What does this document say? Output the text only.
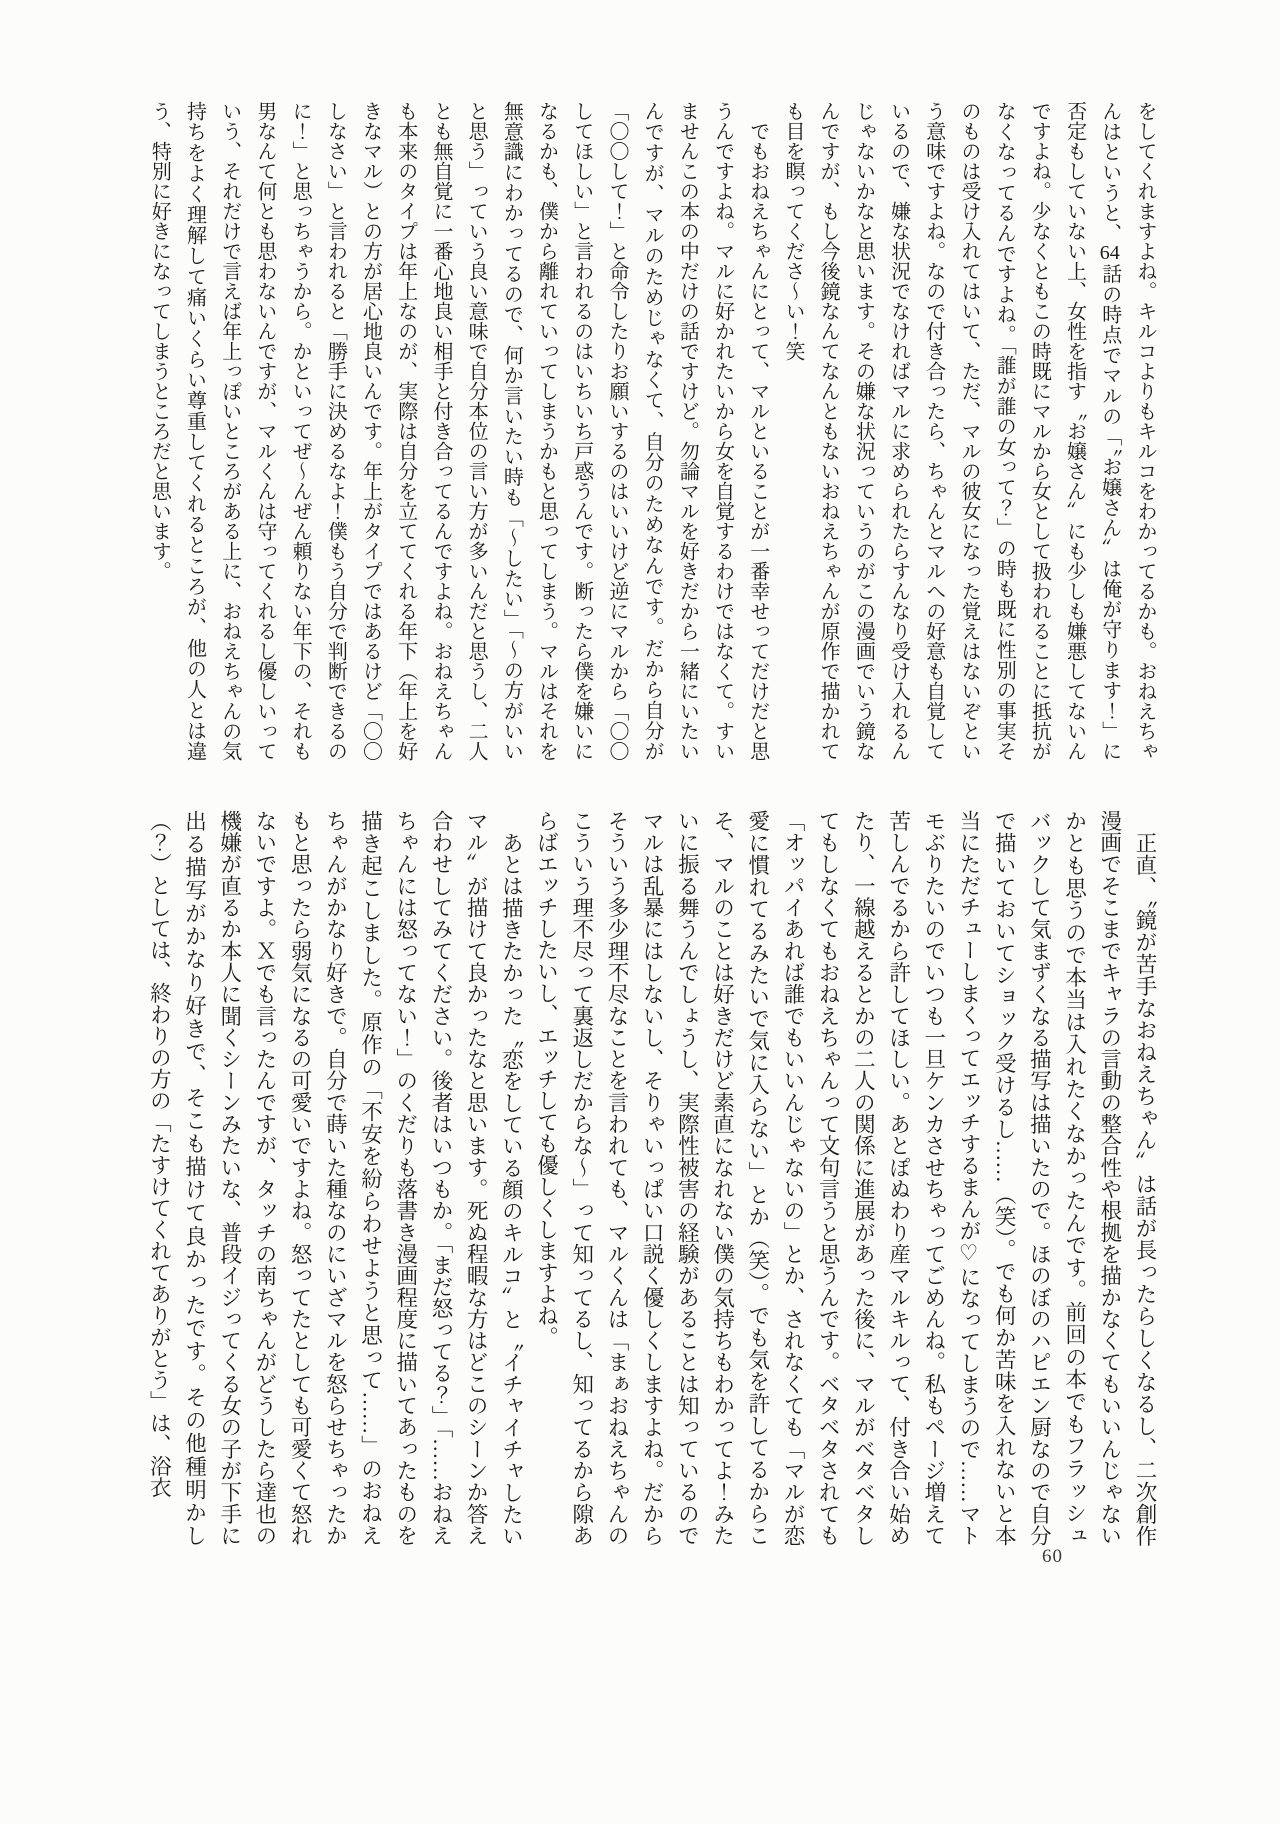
をしてくれますよね。キルコよりもキルコをわかってるかも。おねえちゃんはというと、64話の時点でマルの「〝お嬢さん〟は俺が守ります！」に否定もしていない上、女性を指す〝お嬢さん〟にも少しも嫌悪してないんですよね。少なくともこの時既にマルから女として扱われることに抵抗がなくなってるんですよね。「誰が誰の女って？」の時も既に性別の事実そのものは受け入れてはいて、ただ、マルの彼女になった覚えはないぞという意味ですよね。なので付き合ったら、ちゃんとマルへの好意も自覚しているので、嫌な状況でなければマルに求められたらすんなり受け入れるんじゃないかなと思います。その嫌な状況っていうのがこの漫画でいう鏡なんですが、もし今後鏡なんてなんともないおねえちゃんが原作で描かれても目を瞑ってくださ〜い！笑

でもおねえちゃんにとって、マルといることが一番幸せってだけだと思うんですよね。マルに好かれたいから女を自覚するわけではなくて。すいませんこの本の中だけの話ですけど。勿論マルを好きだから一緒にいたいんですが、マルのためじゃなくて、自分のためなんです。だから自分が「〇〇して！」と命令したりお願いするのはいいけど逆にマルから「〇〇してほしい」と言われるのはいちいち戸惑うんです。断ったら僕を嫌いになるかも、僕から離れていってしまうかもと思ってしまう。マルはそれを無意識にわかってるので、何か言いたい時も「〜したい」「〜の方がいいと思う」っていう良い意味で自分本位の言い方が多いんだと思うし、二人とも無自覚に一番心地良い相手と付き合ってるんですよね。おねえちゃんも本来のタイプは年上なのが、実際は自分を立ててくれる年下（年上を好きなマル）との方が居心地良いんです。年上がタイプではあるけど「〇〇しなさい」と言われると「勝手に決めるなよ！僕もう自分で判断できるのに！」と思っちゃうから。かといってぜ〜んぜん頼りない年下の、それも男なんて何とも思わないんですが、マルくんは守ってくれるし優しいっていう、それだけで言えば年上っぽいところがある上に、おねえちゃんの気持ちをよく理解して痛いくらい尊重してくれるところが、他の人とは違う、特別に好きになってしまうところだと思います。

正直、〝鏡が苦手なおねえちゃん〟は話が長ったらしくなるし、二次創作漫画でそこまでキャラの言動の整合性や根拠を描かなくてもいいんじゃないかとも思うので本当は入れたくなかったんです。前回の本でもフラッシュバックして気まずくなる描写は描いたので。ほのぼのハピエン厨なので自分で描いておいてショック受けるし……（笑）。でも何か苦味を入れないと本当にただチューしまくってエッチするまんが♡になってしまうので……マトモぶりたいのでいつも一旦ケンカさせちゃってごめんね。私もページ増えて苦しんでるから許してほしい。あとぽぬわり産マルキルって、付き合い始めたり、一線越えるとかの二人の関係に進展があった後に、マルがベタベタしてもしなくてもおねえちゃんって文句言うと思うんです。ベタベタされても「オッパイあれば誰でもいいんじゃないの」とか、されなくても「マルが恋愛に慣れてるみたいで気に入らない」とか（笑）。でも気を許してるからこそ、マルのことは好きだけど素直になれない僕の気持ちもわかってよ！みたいに振る舞うんでしょうし、実際性被害の経験があることは知っているのでマルは乱暴にはしないし、そりゃいっぱい口説く優しくしますよね。だからそういう多少理不尽なことを言われても、マルくんは「まぁおねえちゃんのこういう理不尽って裏返しだからな〜」って知ってるし、知ってるから隙あらばエッチしたいし、エッチしても優しくしますよね。

あとは描きたかった〝恋をしている顔のキルコ〟と〝イチャイチャしたいマル〟が描けて良かったなと思います。死ぬ程暇な方はどこのシーンか答え合わせしてみてください。後者はいつもか。「まだ怒ってる？」「……おねえちゃんには怒ってない！」のくだりも落書き漫画程度に描いてあったものを描き起こしました。原作の「不安を紛らわせようと思って……」のおねえちゃんがかなり好きで。自分で蒔いた種なのにいざマルを怒らせちゃったかもと思ったら弱気になるの可愛いですよね。怒ってたとしても可愛くて怒れないですよ。Ｘでも言ったんですが、タッチの南ちゃんがどうしたら達也の機嫌が直るか本人に聞くシーンみたいな、普段イジってくる女の子が下手に出る描写がかなり好きで、そこも描けて良かったです。その他種明かし（？）としては、終わりの方の「たすけてくれてありがとう」は、浴衣

60
